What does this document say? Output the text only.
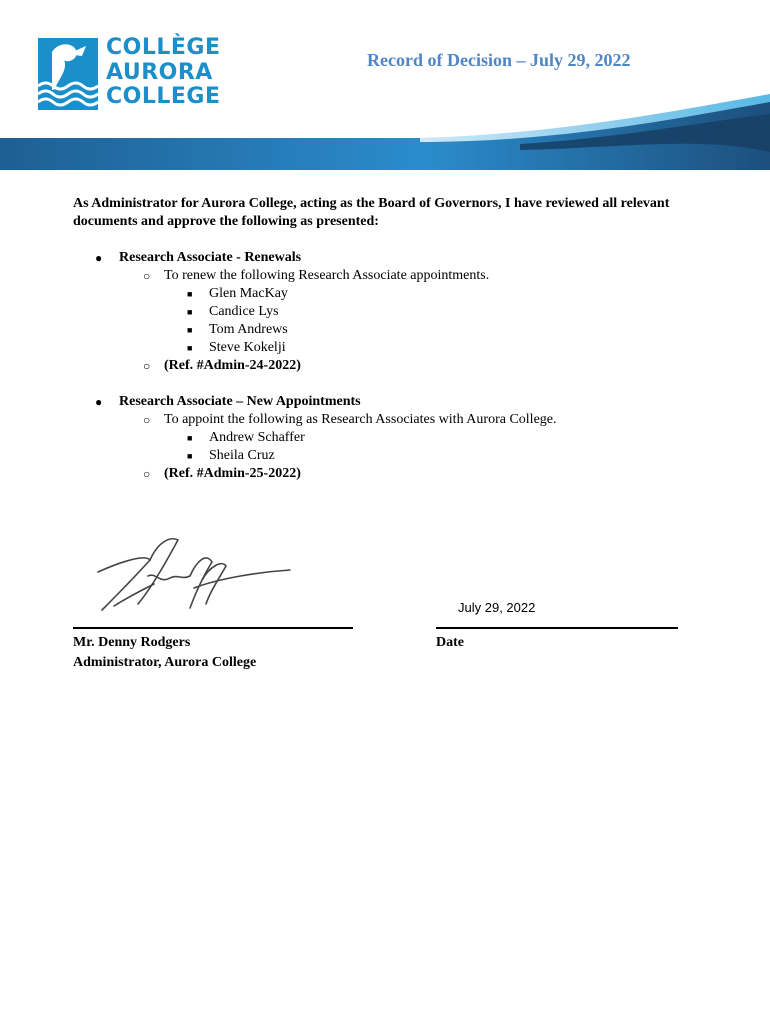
COLLÈGE
AURORA
COLLEGE
Record of Decision – July 29, 2022
As Administrator for Aurora College, acting as the Board of Governors, I have reviewed all relevant documents and approve the following as presented:
● Research Associate - Renewals
○ To renew the following Research Associate appointments.
■ Glen MacKay
■ Candice Lys
■ Tom Andrews
■ Steve Kokelji
○ (Ref. #Admin-24-2022)
● Research Associate – New Appointments
○ To appoint the following as Research Associates with Aurora College.
■ Andrew Schaffer
■ Sheila Cruz
○ (Ref. #Admin-25-2022)
July 29, 2022
Mr. Denny Rodgers
Administrator, Aurora College
Date
